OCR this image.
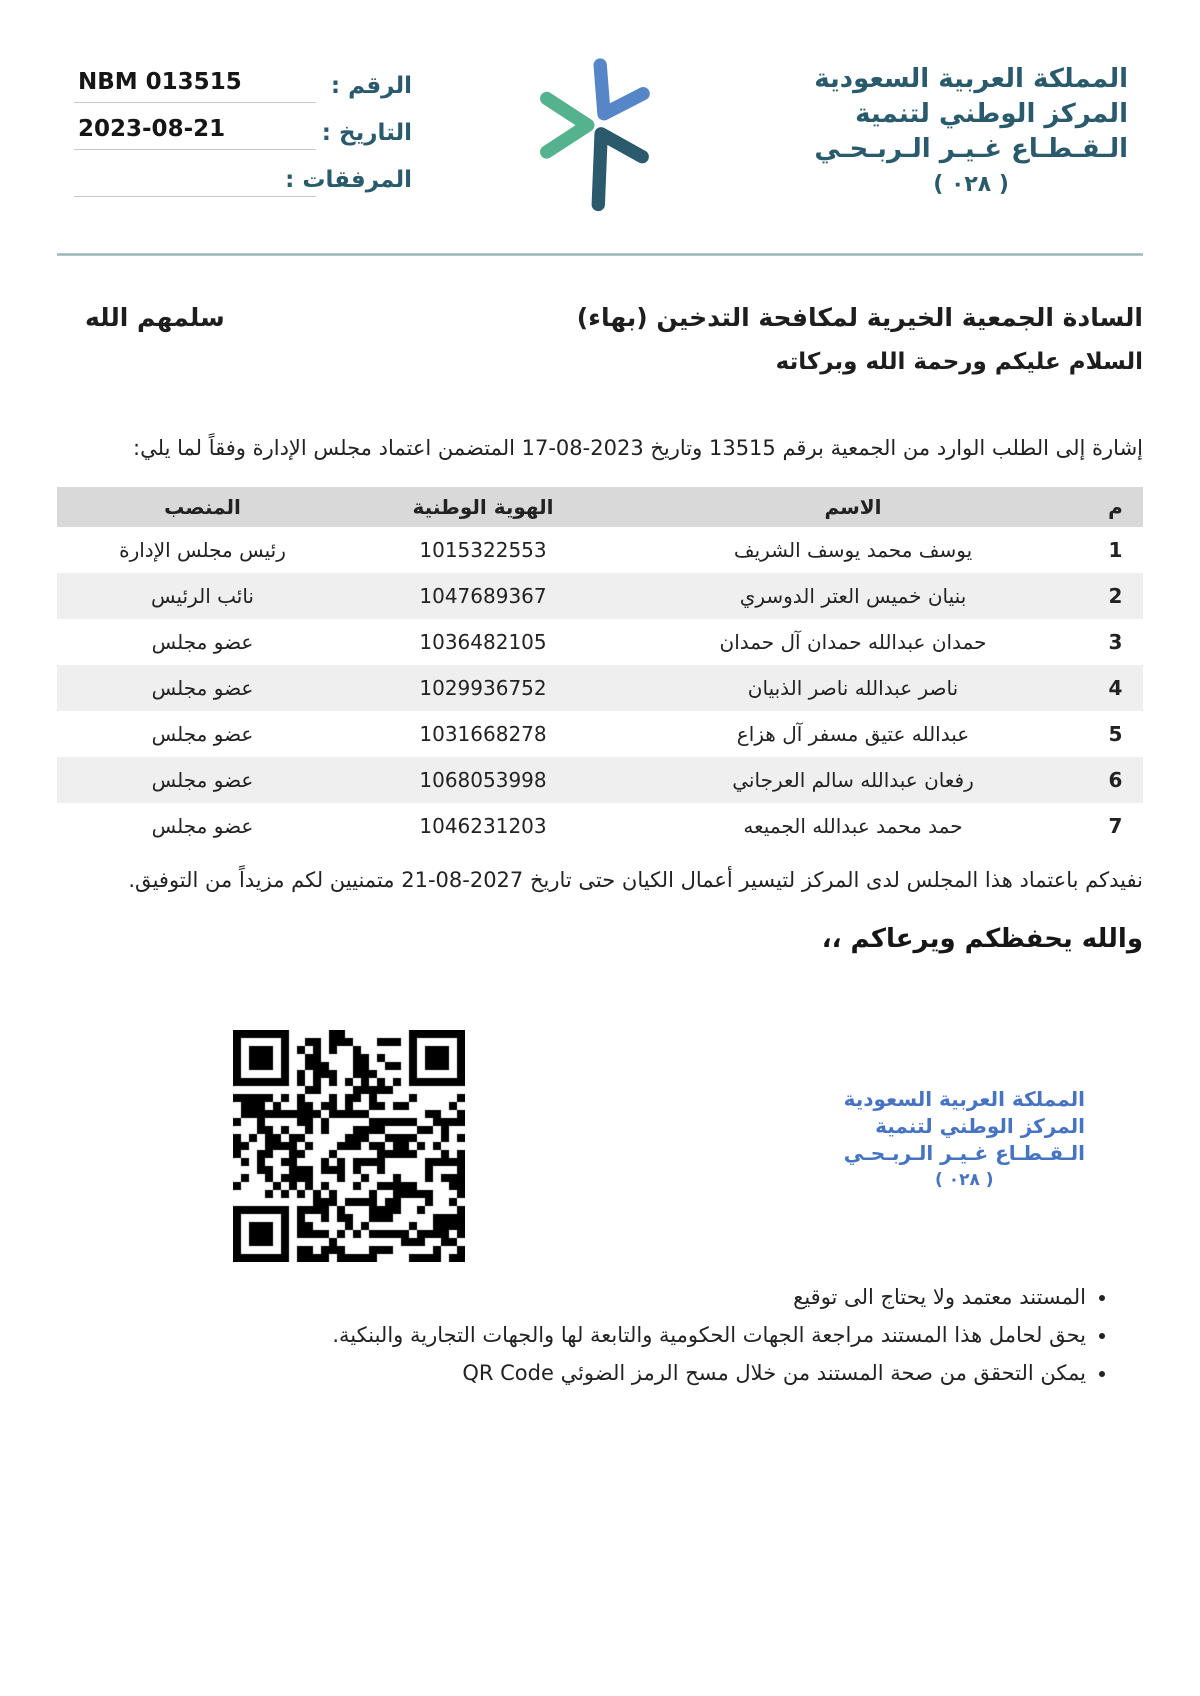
الرقم :
NBM 013515
التاريخ :
2023-08-21
المرفقات :
المملكة العربية السعودية
المركز الوطني لتنمية
الـقـطـاع غـيـر الـربـحـي
( ٠٢٨ )
السادة الجمعية الخيرية لمكافحة التدخين (بهاء)
سلمهم الله
السلام عليكم ورحمة الله وبركاته
إشارة إلى الطلب الوارد من الجمعية برقم 13515 وتاريخ 2023-08-17 المتضمن اعتماد مجلس الإدارة وفقاً لما يلي:
م	الاسم	الهوية الوطنية	المنصب
1	يوسف محمد يوسف الشريف	1015322553	رئيس مجلس الإدارة
2	بنيان خميس العتر الدوسري	1047689367	نائب الرئيس
3	حمدان عبدالله حمدان آل حمدان	1036482105	عضو مجلس
4	ناصر عبدالله ناصر الذبيان	1029936752	عضو مجلس
5	عبدالله عتيق مسفر آل هزاع	1031668278	عضو مجلس
6	رفعان عبدالله سالم العرجاني	1068053998	عضو مجلس
7	حمد محمد عبدالله الجميعه	1046231203	عضو مجلس
نفيدكم باعتماد هذا المجلس لدى المركز لتيسير أعمال الكيان حتى تاريخ 2027-08-21 متمنيين لكم مزيداً من التوفيق.
والله يحفظكم ويرعاكم ،،
المملكة العربية السعودية
المركز الوطني لتنمية
الـقـطـاع غـيـر الـربـحـي
( ٠٢٨ )
• المستند معتمد ولا يحتاج الى توقيع
• يحق لحامل هذا المستند مراجعة الجهات الحكومية والتابعة لها والجهات التجارية والبنكية.
• يمكن التحقق من صحة المستند من خلال مسح الرمز الضوئي QR Code
